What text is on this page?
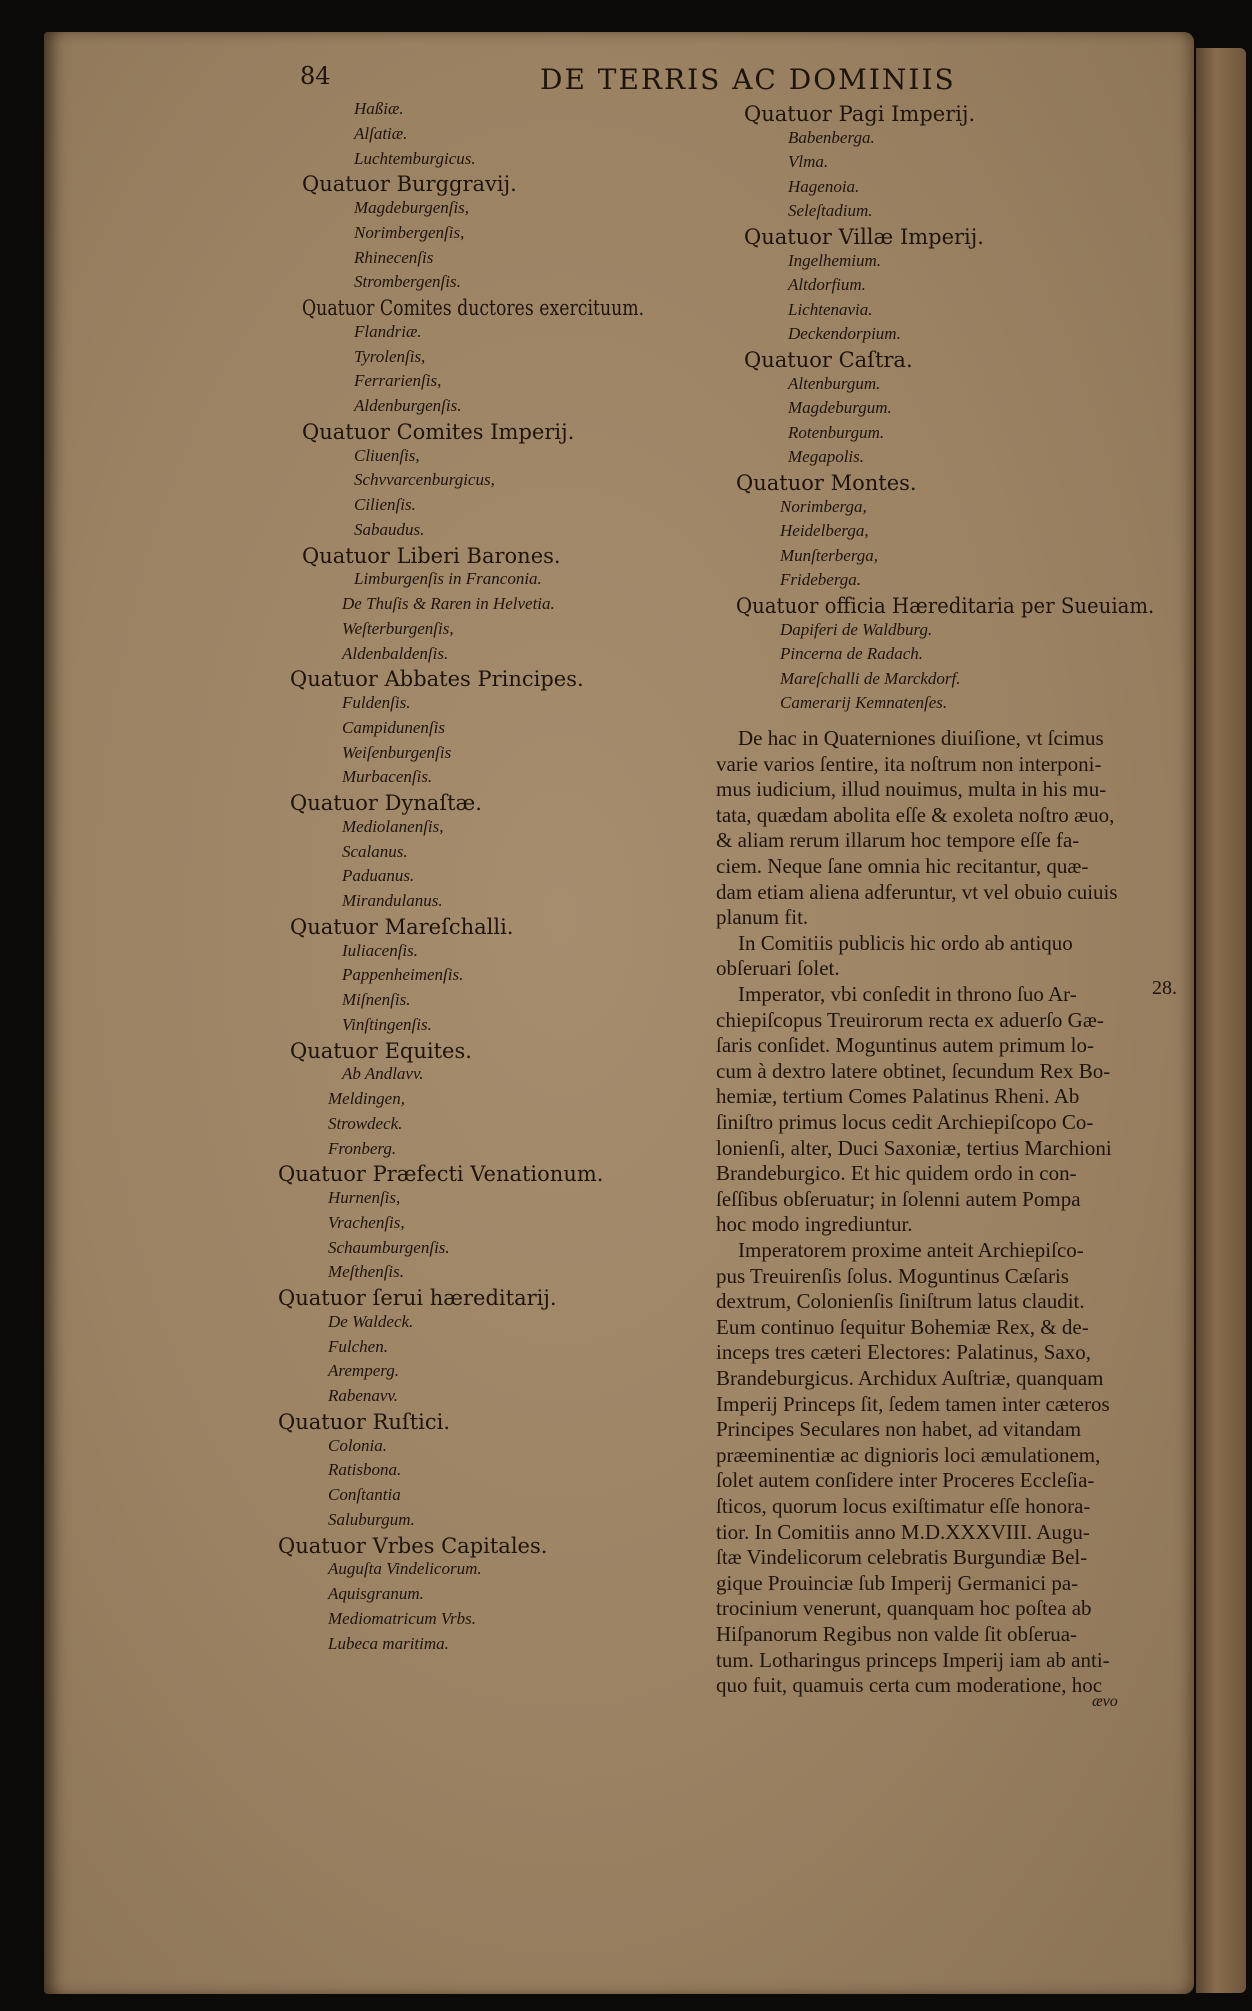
84	DE TERRIS AC DOMINIIS
Haßiæ.
Alſatiæ.
Luchtemburgicus.
Quatuor Burggravij.
Magdeburgenſis,
Norimbergenſis,
Rhinecenſis
Strombergenſis.
Quatuor Comites ductores exercituum.
Flandriæ.
Tyrolenſis,
Ferrarienſis,
Aldenburgenſis.
Quatuor Comites Imperij.
Cliuenſis,
Schvvarcenburgicus,
Cilienſis.
Sabaudus.
Quatuor Liberi Barones.
Limburgenſis in Franconia.
De Thuſis & Raren in Helvetia.
Weſterburgenſis,
Aldenbaldenſis.
Quatuor Abbates Principes.
Fuldenſis.
Campidunenſis
Weiſenburgenſis
Murbacenſis.
Quatuor Dynaſtæ.
Mediolanenſis,
Scalanus.
Paduanus.
Mirandulanus.
Quatuor Mareſchalli.
Iuliacenſis.
Pappenheimenſis.
Miſnenſis.
Vinſtingenſis.
Quatuor Equites.
Ab Andlavv.
Meldingen,
Strowdeck.
Fronberg.
Quatuor Præfecti Venationum.
Hurnenſis,
Vrachenſis,
Schaumburgenſis.
Meſthenſis.
Quatuor ſerui hæreditarij.
De Waldeck.
Fulchen.
Aremperg.
Rabenavv.
Quatuor Ruſtici.
Colonia.
Ratisbona.
Conſtantia
Saluburgum.
Quatuor Vrbes Capitales.
Auguſta Vindelicorum.
Aquisgranum.
Mediomatricum Vrbs.
Lubeca maritima.
Quatuor Pagi Imperij.
Babenberga.
Vlma.
Hagenoia.
Seleſtadium.
Quatuor Villæ Imperij.
Ingelhemium.
Altdorfium.
Lichtenavia.
Deckendorpium.
Quatuor Caſtra.
Altenburgum.
Magdeburgum.
Rotenburgum.
Megapolis.
Quatuor Montes.
Norimberga,
Heidelberga,
Munſterberga,
Frideberga.
Quatuor officia Hæreditaria per Sueuiam.
Dapiferi de Waldburg.
Pincerna de Radach.
Mareſchalli de Marckdorf.
Camerarij Kemnatenſes.
De hac in Quaterniones diuiſione, vt ſcimus
varie varios ſentire, ita noſtrum non interponi-
mus iudicium, illud nouimus, multa in his mu-
tata, quædam abolita eſſe & exoleta noſtro æuo,
& aliam rerum illarum hoc tempore eſſe fa-
ciem. Neque ſane omnia hic recitantur, quæ-
dam etiam aliena adferuntur, vt vel obuio cuiuis
planum fit.
In Comitiis publicis hic ordo ab antiquo
obſeruari ſolet.
Imperator, vbi conſedit in throno ſuo Ar-
chiepiſcopus Treuirorum recta ex aduerſo Gæ-
ſaris conſidet. Moguntinus autem primum lo-
cum à dextro latere obtinet, ſecundum Rex Bo-
hemiæ, tertium Comes Palatinus Rheni. Ab
ſiniſtro primus locus cedit Archiepiſcopo Co-
lonienſi, alter, Duci Saxoniæ, tertius Marchioni
Brandeburgico. Et hic quidem ordo in con-
ſeſſibus obſeruatur; in ſolenni autem Pompa
hoc modo ingrediuntur.
Imperatorem proxime anteit Archiepiſco-
pus Treuirenſis ſolus. Moguntinus Cæſaris
dextrum, Colonienſis ſiniſtrum latus claudit.
Eum continuo ſequitur Bohemiæ Rex, & de-
inceps tres cæteri Electores: Palatinus, Saxo,
Brandeburgicus. Archidux Auſtriæ, quanquam
Imperij Princeps ſit, ſedem tamen inter cæteros
Principes Seculares non habet, ad vitandam
præeminentiæ ac dignioris loci æmulationem,
ſolet autem conſidere inter Proceres Eccleſia-
ſticos, quorum locus exiſtimatur eſſe honora-
tior. In Comitiis anno M.D.XXXVIII. Augu-
ſtæ Vindelicorum celebratis Burgundiæ Bel-
gique Prouinciæ ſub Imperij Germanici pa-
trocinium venerunt, quanquam hoc poſtea ab
Hiſpanorum Regibus non valde ſit obſerua-
tum. Lotharingus princeps Imperij iam ab anti-
quo fuit, quamuis certa cum moderatione, hoc
28.
ævo
